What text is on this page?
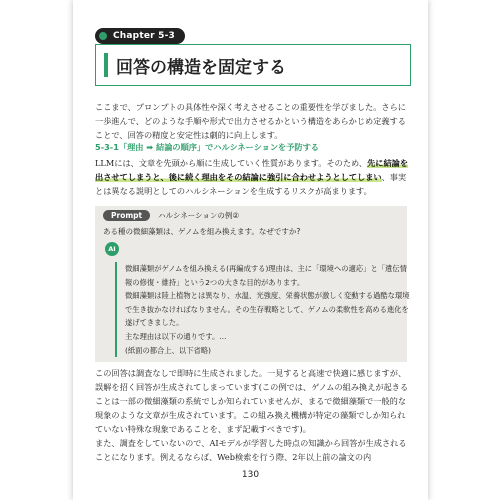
Chapter 5-3
回答の構造を固定する
ここまで、プロンプトの具体性や深く考えさせることの重要性を学びました。さらに一歩進んで、どのような手順や形式で出力させるかという構造をあらかじめ定義することで、回答の精度と安定性は劇的に向上します。
5-3-1「理由 ➡ 結論の順序」でハルシネーションを予防する
LLMには、文章を先頭から順に生成していく性質があります。そのため、先に結論を出させてしまうと、後に続く理由をその結論に強引に合わせようとしてしまい、事実とは異なる説明としてのハルシネーションを生成するリスクが高まります。
Prompt	ハルシネーションの例②
ある種の微細藻類は、ゲノムを組み換えます。なぜですか?
AI
微細藻類がゲノムを組み換える(再編成する)理由は、主に「環境への適応」と「遺伝情報の修復・維持」という2つの大きな目的があります。
微細藻類は陸上植物とは異なり、水温、光強度、栄養状態が激しく変動する過酷な環境で生き抜かなければなりません。その生存戦略として、ゲノムの柔軟性を高める進化を遂げてきました。
主な理由は以下の通りです。…
(紙面の都合上、以下省略)
この回答は調査なしで即時に生成されました。一見すると高速で快適に感じますが、誤解を招く回答が生成されてしまっています(この例では、ゲノムの組み換えが起きることは一部の微細藻類の系統でしか知られていませんが、まるで微細藻類で一般的な現象のような文章が生成されています。この組み換え機構が特定の藻類でしか知られていない特殊な現象であることを、まず記載すべきです)。
また、調査をしていないので、AIモデルが学習した時点の知識から回答が生成されることになります。例えるならば、Web検索を行う際、2年以上前の論文の内
130
